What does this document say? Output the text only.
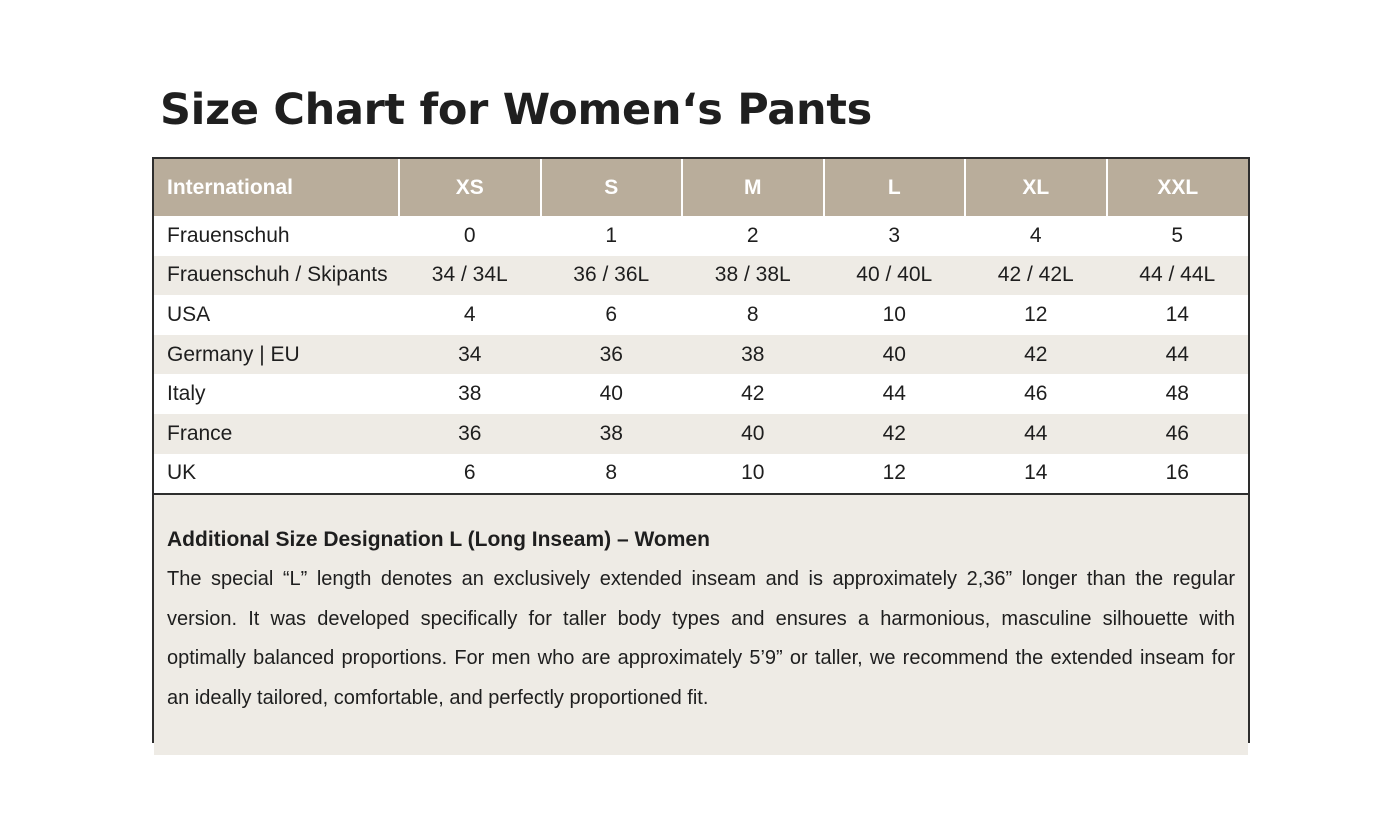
Size Chart for Women‘s Pants
International	XS	S	M	L	XL	XXL
Frauenschuh	0	1	2	3	4	5
Frauenschuh / Skipants	34 / 34L	36 / 36L	38 / 38L	40 / 40L	42 / 42L	44 / 44L
USA	4	6	8	10	12	14
Germany | EU	34	36	38	40	42	44
Italy	38	40	42	44	46	48
France	36	38	40	42	44	46
UK	6	8	10	12	14	16

Additional Size Designation L (Long Inseam) – Women

The special “L” length denotes an exclusively extended inseam and is approximately 2,36” longer than the regular version. It was developed specifically for taller body types and ensures a harmonious, masculine silhouette with optimally balanced proportions. For men who are approximately 5’9” or taller, we recommend the extended inseam for an ideally tailored, comfortable, and perfectly proportioned fit.
